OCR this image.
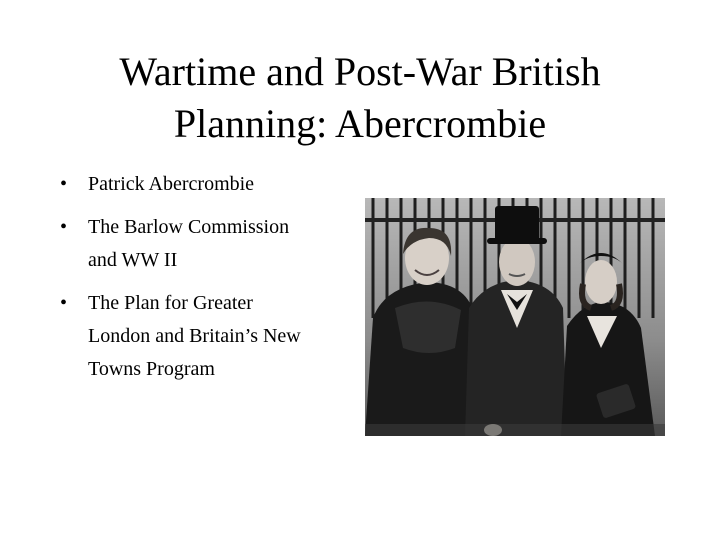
Wartime and Post-War British
Planning: Abercrombie
• Patrick Abercrombie
• The Barlow Commission
and WW II
• The Plan for Greater
London and Britain’s New
Towns Program
